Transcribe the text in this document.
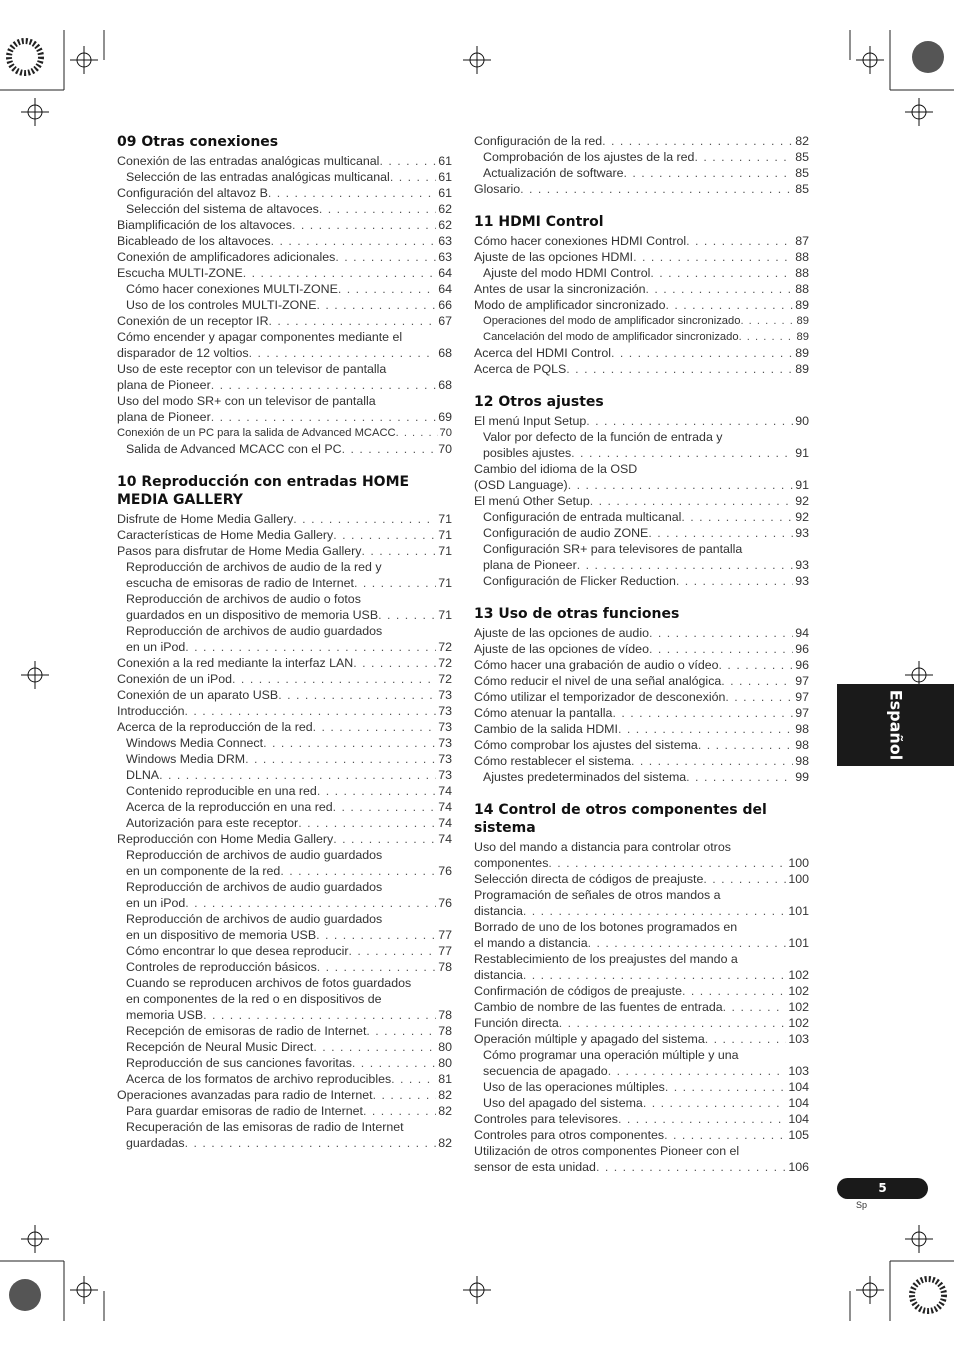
09 Otras conexiones
Conexión de las entradas analógicas multicanal . . .	61
Selección de las entradas analógicas multicanal . . .	61
Configuración del altavoz B . . .	61
Selección del sistema de altavoces . . .	62
Biamplificación de los altavoces . . .	62
Bicableado de los altavoces . . .	63
Conexión de amplificadores adicionales . . .	63
Escucha MULTI-ZONE . . .	64
Cómo hacer conexiones MULTI-ZONE . . .	64
Uso de los controles MULTI-ZONE . . .	66
Conexión de un receptor IR . . .	67
Cómo encender y apagar componentes mediante el
disparador de 12 voltios . . .	68
Uso de este receptor con un televisor de pantalla
plana de Pioneer . . .	68
Uso del modo SR+ con un televisor de pantalla
plana de Pioneer . . .	69
Conexión de un PC para la salida de Advanced MCACC . . .	70
Salida de Advanced MCACC con el PC . . .	70
10 Reproducción con entradas HOME MEDIA GALLERY
Disfrute de Home Media Gallery . . .	71
Características de Home Media Gallery . . .	71
Pasos para disfrutar de Home Media Gallery . . .	71
Reproducción de archivos de audio de la red y
escucha de emisoras de radio de Internet . . .	71
Reproducción de archivos de audio o fotos
guardados en un dispositivo de memoria USB . . .	71
Reproducción de archivos de audio guardados
en un iPod . . .	72
Conexión a la red mediante la interfaz LAN . . .	72
Conexión de un iPod . . .	72
Conexión de un aparato USB . . .	73
Introducción . . .	73
Acerca de la reproducción de la red . . .	73
Windows Media Connect . . .	73
Windows Media DRM . . .	73
DLNA . . .	73
Contenido reproducible en una red . . .	74
Acerca de la reproducción en una red . . .	74
Autorización para este receptor . . .	74
Reproducción con Home Media Gallery . . .	74
Reproducción de archivos de audio guardados
en un componente de la red . . .	76
Reproducción de archivos de audio guardados
en un iPod . . .	76
Reproducción de archivos de audio guardados
en un dispositivo de memoria USB . . .	77
Cómo encontrar lo que desea reproducir . . .	77
Controles de reproducción básicos . . .	78
Cuando se reproducen archivos de fotos guardados
en componentes de la red o en dispositivos de
memoria USB . . .	78
Recepción de emisoras de radio de Internet . . .	78
Recepción de Neural Music Direct . . .	80
Reproducción de sus canciones favoritas . . .	80
Acerca de los formatos de archivo reproducibles . . .	81
Operaciones avanzadas para radio de Internet . . .	82
Para guardar emisoras de radio de Internet . . .	82
Recuperación de las emisoras de radio de Internet
guardadas . . .	82
Configuración de la red . . .	82
Comprobación de los ajustes de la red . . .	85
Actualización de software . . .	85
Glosario . . .	85
11 HDMI Control
Cómo hacer conexiones HDMI Control . . .	87
Ajuste de las opciones HDMI . . .	88
Ajuste del modo HDMI Control . . .	88
Antes de usar la sincronización . . .	88
Modo de amplificador sincronizado . . .	89
Operaciones del modo de amplificador sincronizado . . .	89
Cancelación del modo de amplificador sincronizado . . .	89
Acerca del HDMI Control . . .	89
Acerca de PQLS . . .	89
12 Otros ajustes
El menú Input Setup . . .	90
Valor por defecto de la función de entrada y
posibles ajustes . . .	91
Cambio del idioma de la OSD
(OSD Language) . . .	91
El menú Other Setup . . .	92
Configuración de entrada multicanal . . .	92
Configuración de audio ZONE . . .	93
Configuración SR+ para televisores de pantalla
plana de Pioneer . . .	93
Configuración de Flicker Reduction . . .	93
13 Uso de otras funciones
Ajuste de las opciones de audio . . .	94
Ajuste de las opciones de vídeo . . .	96
Cómo hacer una grabación de audio o vídeo . . .	96
Cómo reducir el nivel de una señal analógica . . .	97
Cómo utilizar el temporizador de desconexión . . .	97
Cómo atenuar la pantalla . . .	97
Cambio de la salida HDMI . . .	98
Cómo comprobar los ajustes del sistema . . .	98
Cómo restablecer el sistema . . .	98
Ajustes predeterminados del sistema . . .	99
14 Control de otros componentes del sistema
Uso del mando a distancia para controlar otros
componentes . . .	100
Selección directa de códigos de preajuste . . .	100
Programación de señales de otros mandos a
distancia . . .	101
Borrado de uno de los botones programados en
el mando a distancia . . .	101
Restablecimiento de los preajustes del mando a
distancia . . .	102
Confirmación de códigos de preajuste . . .	102
Cambio de nombre de las fuentes de entrada . . .	102
Función directa . . .	102
Operación múltiple y apagado del sistema . . .	103
Cómo programar una operación múltiple y una
secuencia de apagado . . .	103
Uso de las operaciones múltiples . . .	104
Uso del apagado del sistema . . .	104
Controles para televisores . . .	104
Controles para otros componentes . . .	105
Utilización de otros componentes Pioneer con el
sensor de esta unidad . . .	106
Español
5
Sp
